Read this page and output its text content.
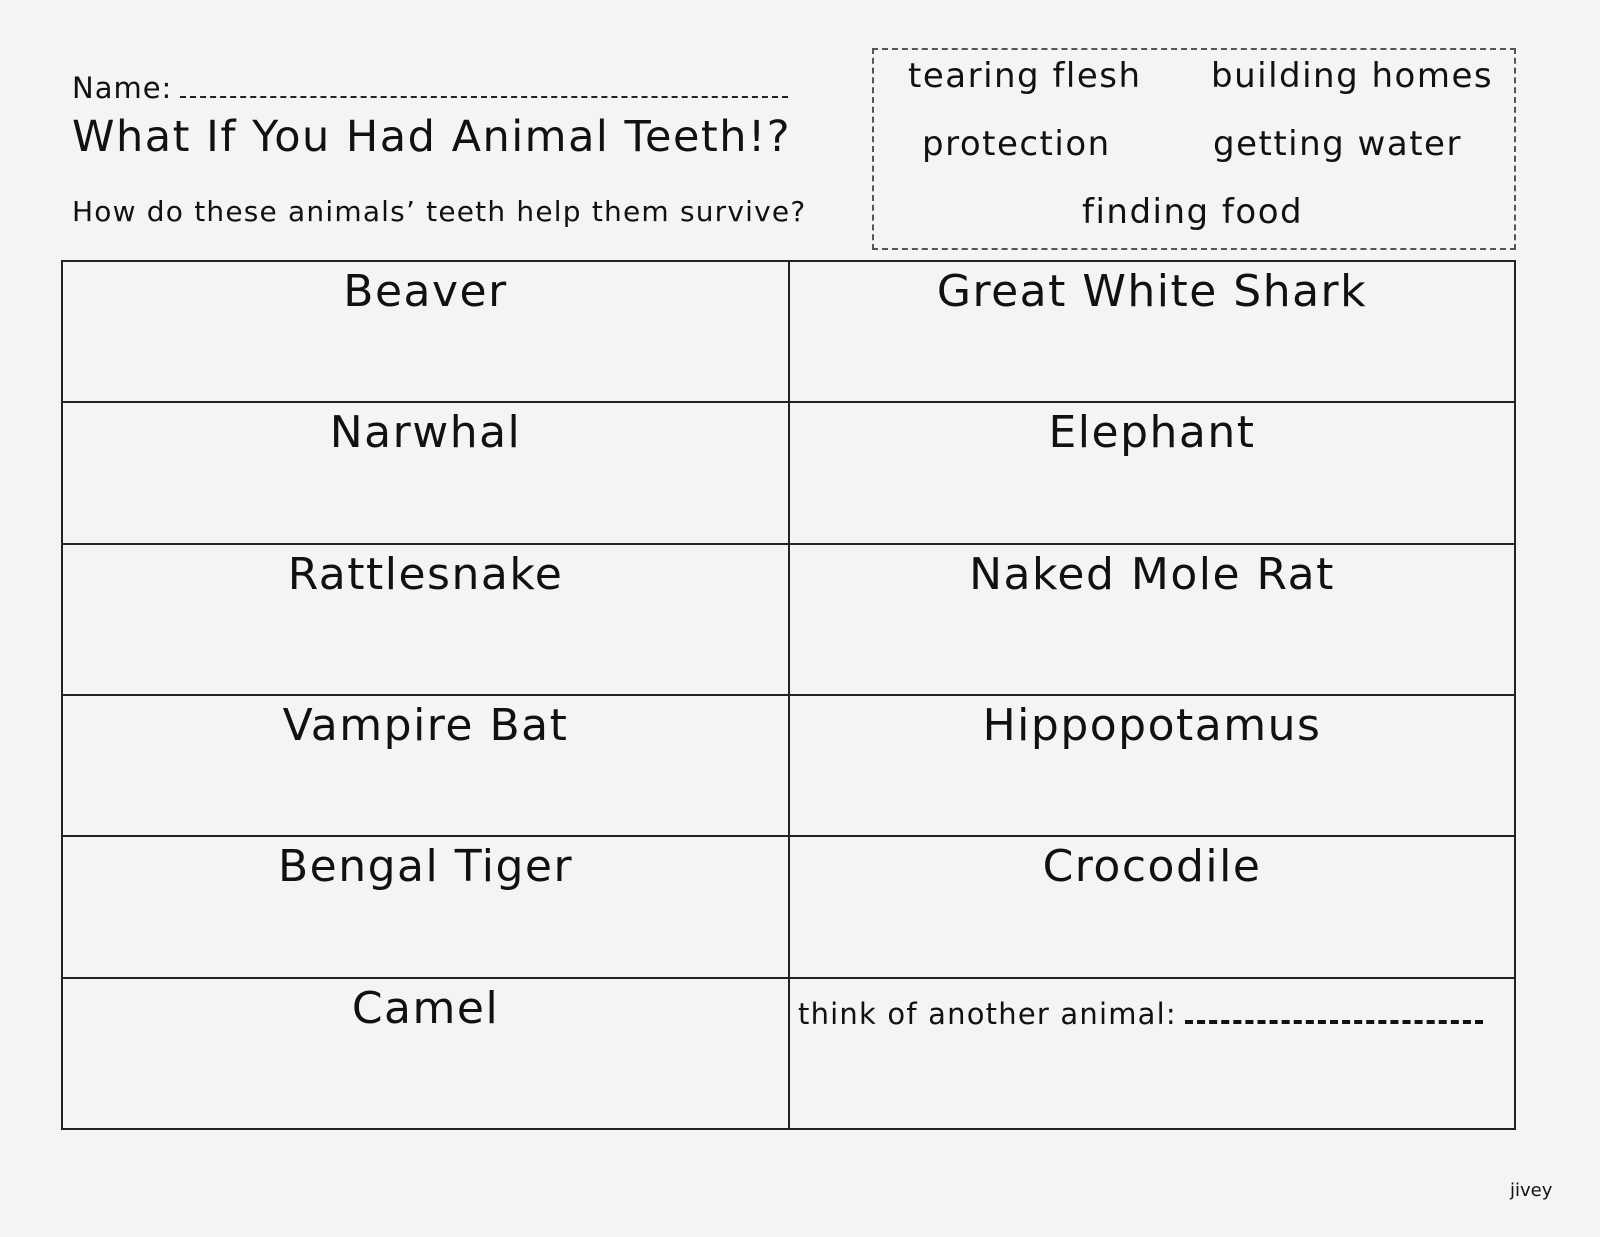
Name:
What If You Had Animal Teeth!?
How do these animals’ teeth help them survive?
tearing flesh building homes
protection	getting water
finding food
Beaver	Great White Shark
Narwhal	Elephant
Rattlesnake	Naked Mole Rat
Vampire Bat	Hippopotamus
Bengal Tiger	Crocodile
Camel	think of another animal:
jivey
